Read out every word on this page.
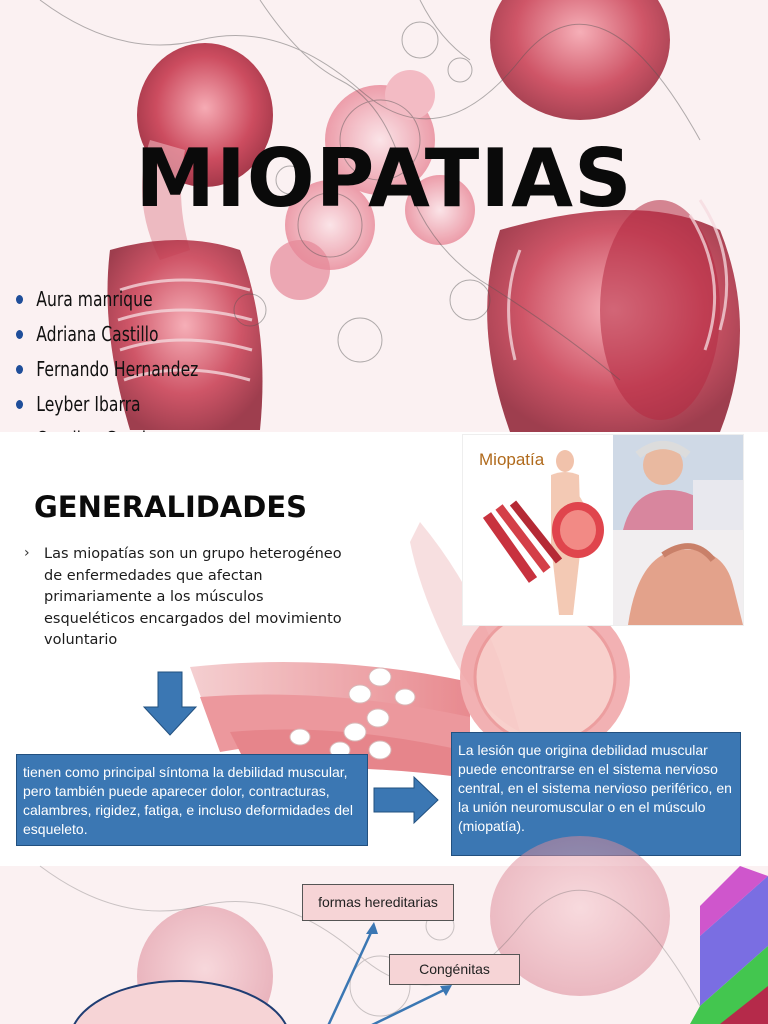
MIOPATIAS
Aura manrique
Adriana Castillo
Fernando Hernandez
Leyber Ibarra
GENERALIDADES
› Las miopatías son un grupo heterogéneo de enfermedades que afectan primariamente a los músculos esqueléticos encargados del movimiento voluntario

Miopatía
tienen como principal síntoma la debilidad muscular, pero también puede aparecer dolor, contracturas, calambres, rigidez, fatiga, e incluso deformidades del esqueleto.
La lesión que origina debilidad muscular puede encontrarse en el sistema nervioso central, en el sistema nervioso periférico, en la unión neuromuscular o en el músculo (miopatía).
formas hereditarias
Congénitas
